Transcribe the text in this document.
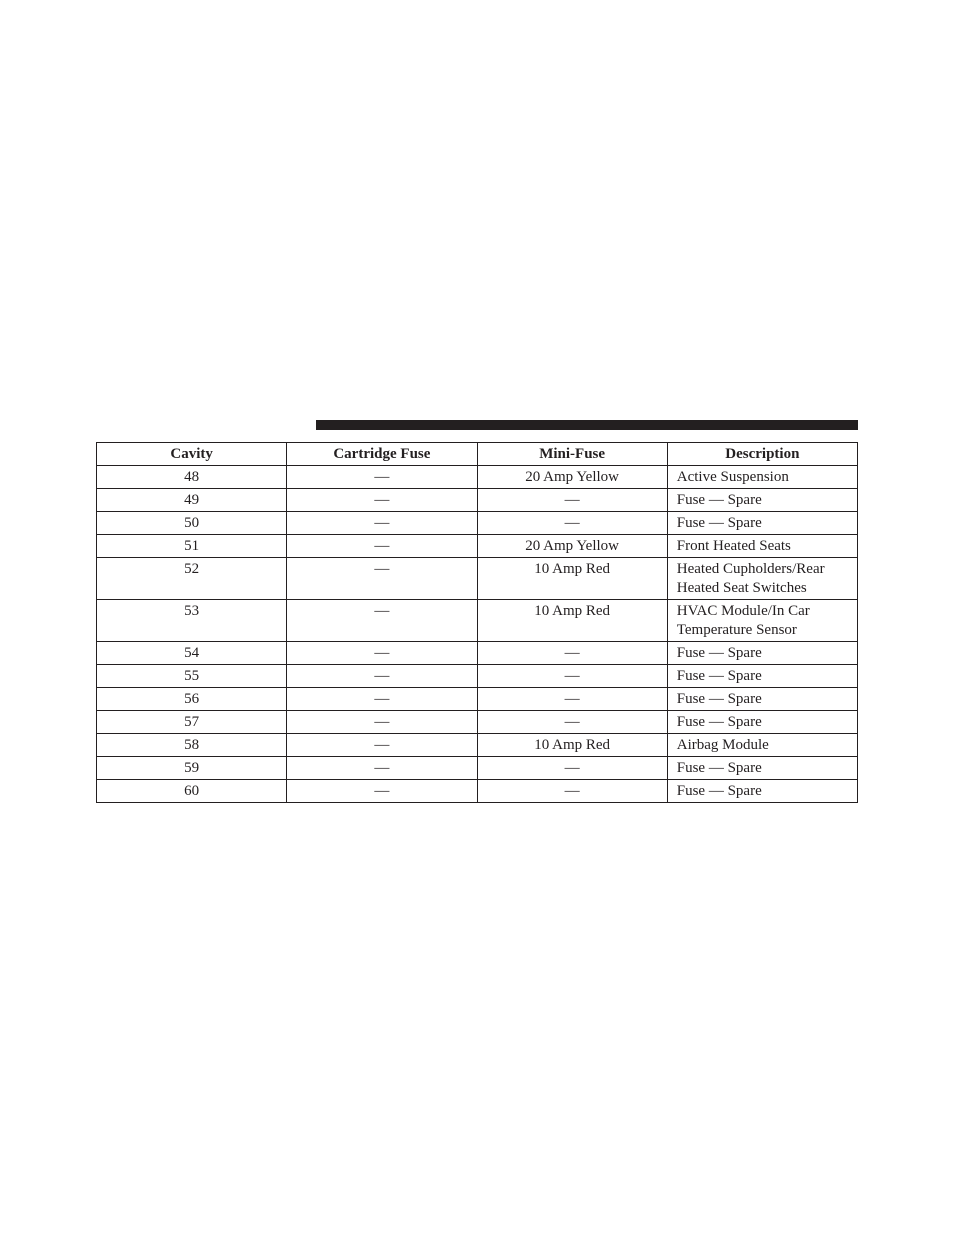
Cavity	Cartridge Fuse	Mini-Fuse	Description
48	—	20 Amp Yellow	Active Suspension

49	—	—	Fuse — Spare

50	—	—	Fuse — Spare

51	—	20 Amp Yellow	Front Heated Seats

52	—	10 Amp Red	Heated Cupholders/Rear
Heated Seat Switches

53	—	10 Amp Red	HVAC Module/In Car
Temperature Sensor

54	—	—	Fuse — Spare

55	—	—	Fuse — Spare

56	—	—	Fuse — Spare

57	—	—	Fuse — Spare

58	—	10 Amp Red	Airbag Module

59	—	—	Fuse — Spare

60	—	—	Fuse — Spare
